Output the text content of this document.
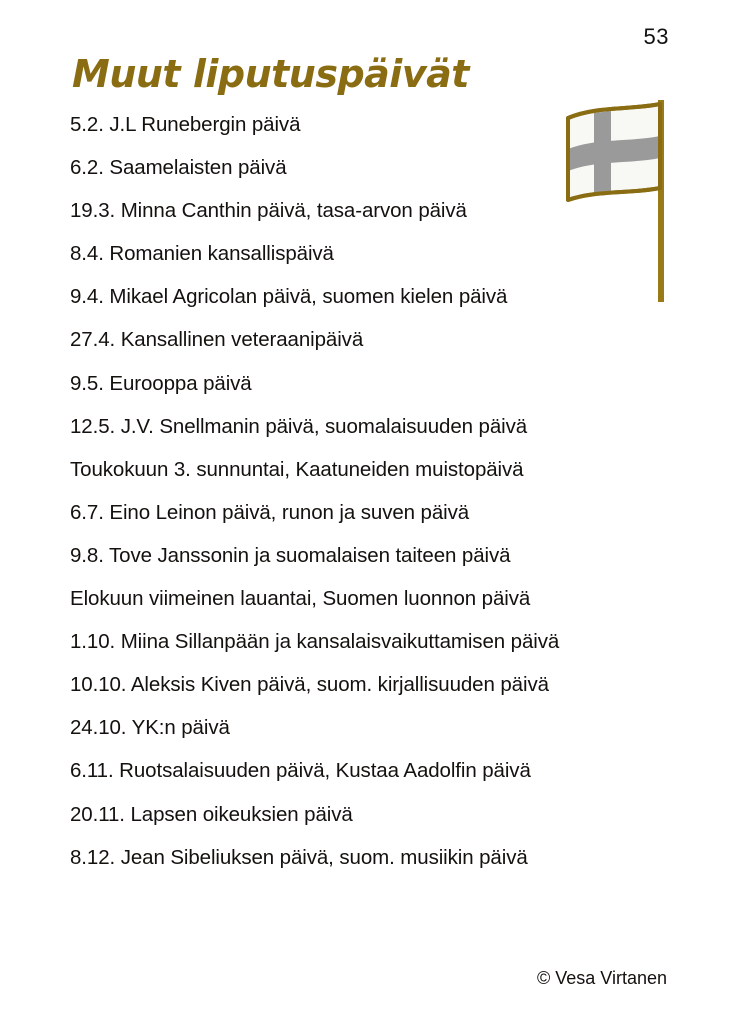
53
Muut liputuspäivät
5.2. J.L Runebergin päivä
6.2. Saamelaisten päivä
19.3. Minna Canthin päivä, tasa-arvon päivä
8.4. Romanien kansallispäivä
9.4. Mikael Agricolan päivä, suomen kielen päivä
27.4. Kansallinen veteraanipäivä
9.5. Eurooppa päivä
12.5. J.V. Snellmanin päivä, suomalaisuuden päivä
Toukokuun 3. sunnuntai, Kaatuneiden muistopäivä
6.7. Eino Leinon päivä, runon ja suven päivä
9.8. Tove Janssonin ja suomalaisen taiteen päivä
Elokuun viimeinen lauantai, Suomen luonnon päivä
1.10. Miina Sillanpään ja kansalaisvaikuttamisen päivä
10.10. Aleksis Kiven päivä, suom. kirjallisuuden päivä
24.10. YK:n päivä
6.11. Ruotsalaisuuden päivä, Kustaa Aadolfin päivä
20.11. Lapsen oikeuksien päivä
8.12. Jean Sibeliuksen päivä, suom. musiikin päivä
© Vesa Virtanen
